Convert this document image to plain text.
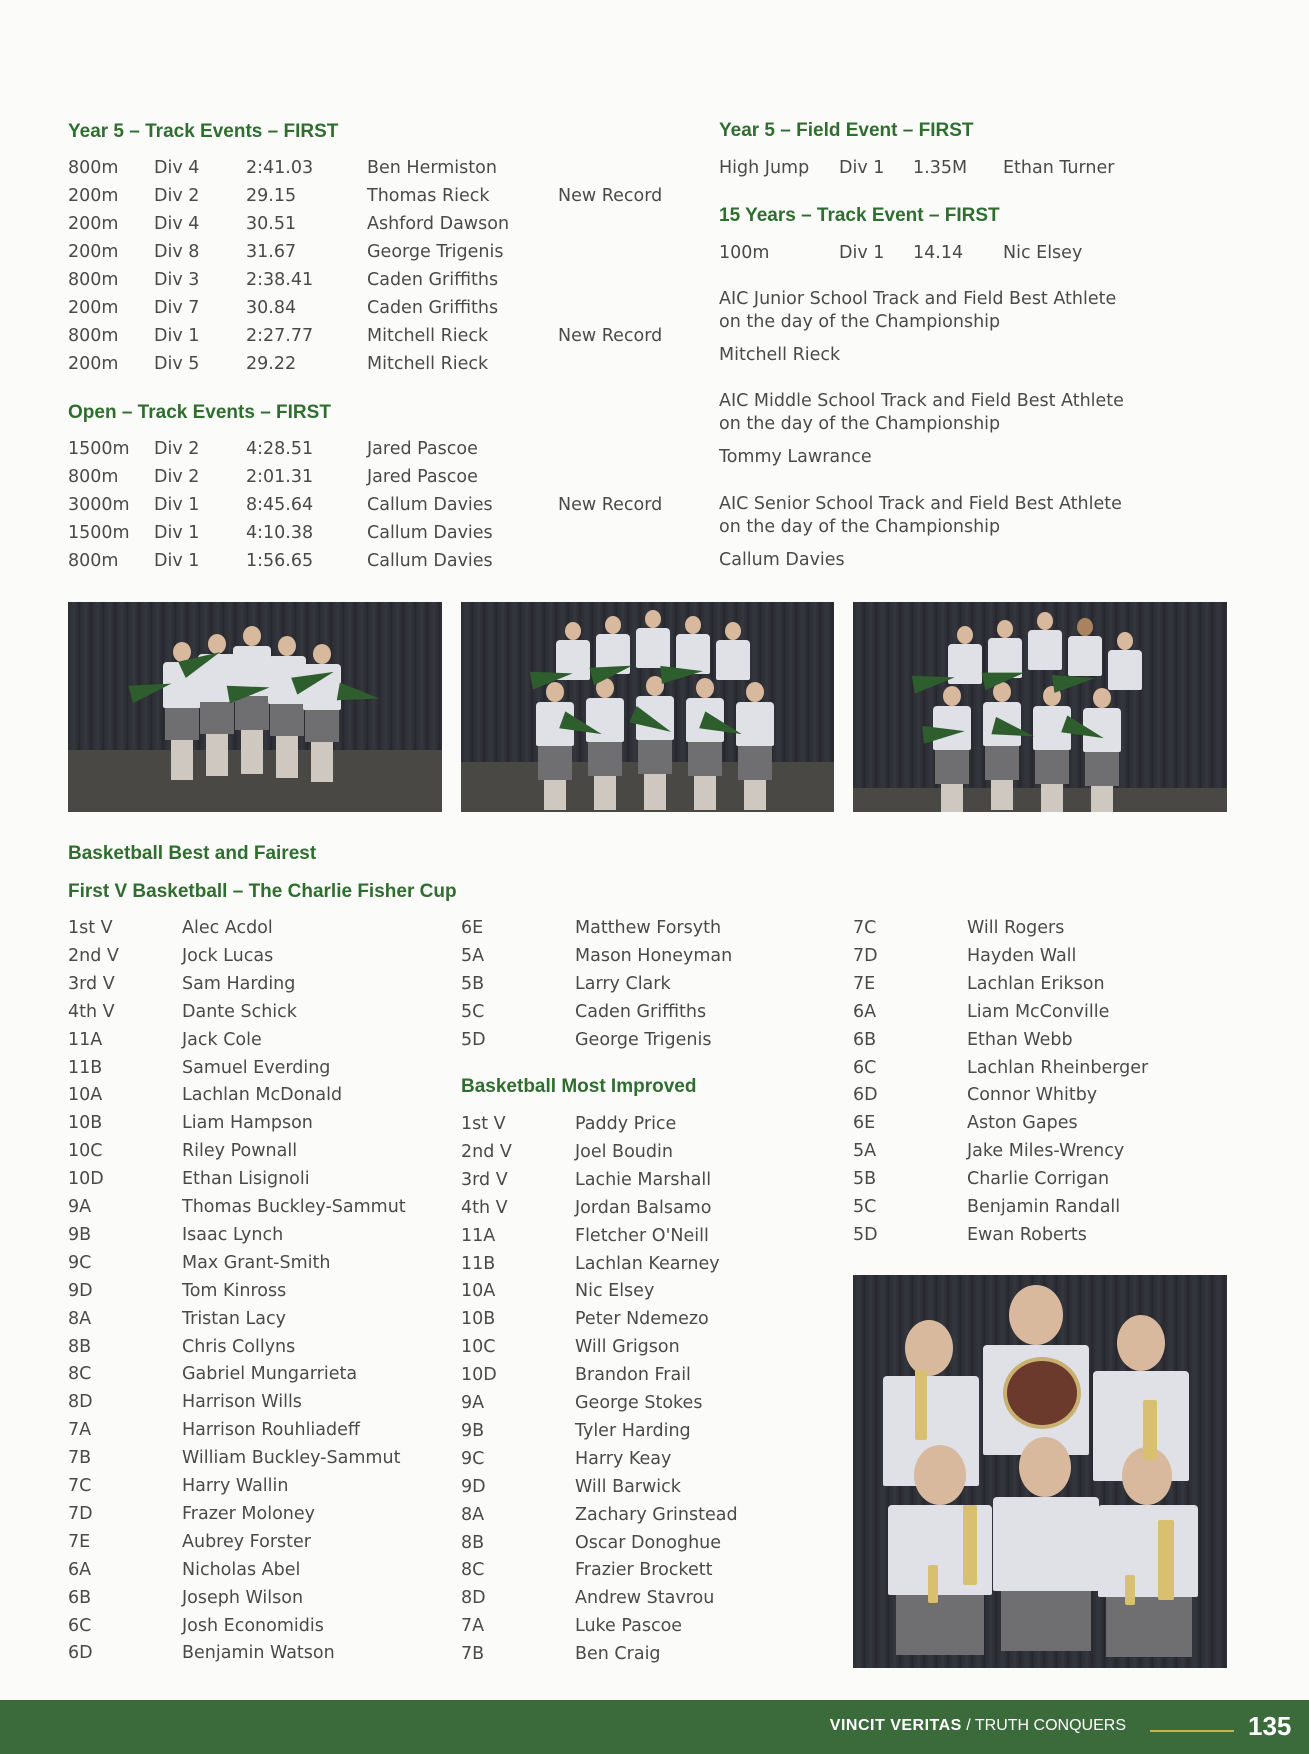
Year 5 – Track Events – FIRST
800m Div 4	2:41.03	Ben Hermiston
200m Div 2	29.15	Thomas Rieck	New Record
200m Div 4	30.51	Ashford Dawson
200m Div 8	31.67	George Trigenis
800m Div 3	2:38.41	Caden Griffiths
200m Div 7	30.84	Caden Griffiths
800m Div 1	2:27.77	Mitchell Rieck	New Record
200m Div 5	29.22	Mitchell Rieck
Open – Track Events – FIRST
1500m Div 2	4:28.51	Jared Pascoe
800m Div 2	2:01.31	Jared Pascoe
3000m Div 1	8:45.64	Callum Davies	New Record
1500m Div 1	4:10.38	Callum Davies
800m Div 1	1:56.65	Callum Davies
Year 5 – Field Event – FIRST
High Jump Div 1 1.35M Ethan Turner
15 Years – Track Event – FIRST
100m	Div 1 14.14 Nic Elsey
AIC Junior School Track and Field Best Athlete
on the day of the Championship
Mitchell Rieck
AIC Middle School Track and Field Best Athlete
on the day of the Championship
Tommy Lawrance
AIC Senior School Track and Field Best Athlete
on the day of the Championship
Callum Davies
Basketball Best and Fairest
First V Basketball – The Charlie Fisher Cup
1st V	Alec Acdol
2nd V	Jock Lucas
3rd V	Sam Harding
4th V	Dante Schick
11A	Jack Cole
11B	Samuel Everding
10A	Lachlan McDonald
10B	Liam Hampson
10C	Riley Pownall
10D	Ethan Lisignoli
9A	Thomas Buckley-Sammut
9B	Isaac Lynch
9C	Max Grant-Smith
9D	Tom Kinross
8A	Tristan Lacy
8B	Chris Collyns
8C	Gabriel Mungarrieta
8D	Harrison Wills
7A	Harrison Rouhliadeff
7B	William Buckley-Sammut
7C	Harry Wallin
7D	Frazer Moloney
7E	Aubrey Forster
6A	Nicholas Abel
6B	Joseph Wilson
6C	Josh Economidis
6D	Benjamin Watson
6E	Matthew Forsyth
5A	Mason Honeyman
5B	Larry Clark
5C	Caden Griffiths
5D	George Trigenis
7C	Will Rogers
7D	Hayden Wall
7E	Lachlan Erikson
6A	Liam McConville
6B	Ethan Webb
6C	Lachlan Rheinberger
6D	Connor Whitby
6E	Aston Gapes
5A	Jake Miles-Wrency
5B	Charlie Corrigan
5C	Benjamin Randall
5D	Ewan Roberts
Basketball Most Improved
1st V	Paddy Price
2nd V	Joel Boudin
3rd V	Lachie Marshall
4th V	Jordan Balsamo
11A	Fletcher O'Neill
11B	Lachlan Kearney
10A	Nic Elsey
10B	Peter Ndemezo
10C	Will Grigson
10D	Brandon Frail
9A	George Stokes
9B	Tyler Harding
9C	Harry Keay
9D	Will Barwick
8A	Zachary Grinstead
8B	Oscar Donoghue
8C	Frazier Brockett
8D	Andrew Stavrou
7A	Luke Pascoe
7B	Ben Craig
VINCIT VERITAS / TRUTH CONQUERS	135
